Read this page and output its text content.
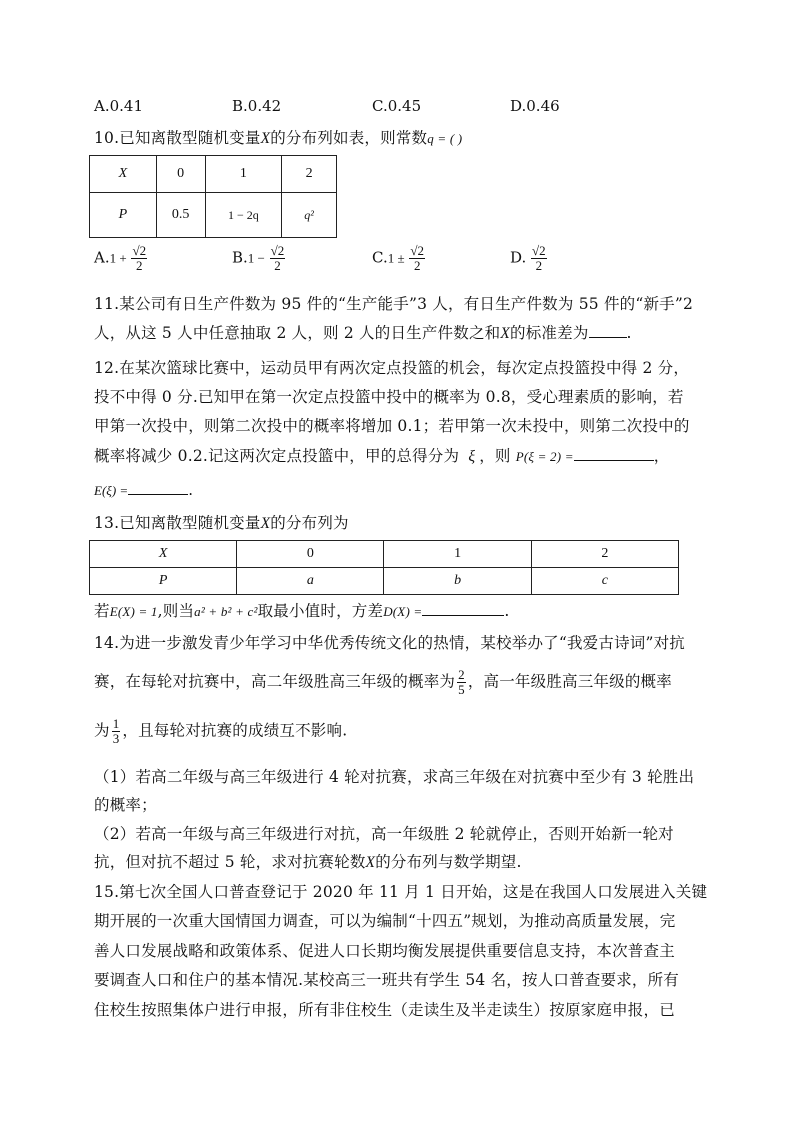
A.0.41	B.0.42	C.0.45	D.0.46
10.已知离散型随机变量X的分布列如表，则常数q = ( )
X	0	1	2
P	0.5	1 − 2q	q²
$A.1 + \frac{√2}{2}$	$B.1 - \frac{√2}{2}$	$C.1 \pm \frac{√2}{2}$	D. $\frac{√2}{2}$
11.某公司有日生产件数为 95 件的“生产能手”3 人，有日生产件数为 55 件的“新手”2
人，从这 5 人中任意抽取 2 人，则 2 人的日生产件数之和X的标准差为 .
12.在某次篮球比赛中，运动员甲有两次定点投篮的机会，每次定点投篮投中得 2 分，
投不中得 0 分.已知甲在第一次定点投篮中投中的概率为 0.8，受心理素质的影响，若
甲第一次投中，则第二次投中的概率将增加 0.1；若甲第一次未投中，则第二次投中的
概率将减少 0.2.记这两次定点投篮中，甲的总得分为 ξ ，则 P(ξ = 2) =	，
E(ξ) =	.
13.已知离散型随机变量X的分布列为
X	0	1	2
P	a	b	c
若E(X) = 1,则当a² + b² + c²取最小值时，方差D(X) =	.
14.为进一步激发青少年学习中华优秀传统文化的热情，某校举办了“我爱古诗词”对抗
赛，在每轮对抗赛中，高二年级胜高三年级的概率为 $\frac{2}{5}$ ，高一年级胜高三年级的概率
为 $\frac{1}{3}$ ，且每轮对抗赛的成绩互不影响.
（1）若高二年级与高三年级进行 4 轮对抗赛，求高三年级在对抗赛中至少有 3 轮胜出
的概率；
（2）若高一年级与高三年级进行对抗，高一年级胜 2 轮就停止，否则开始新一轮对
抗，但对抗不超过 5 轮，求对抗赛轮数X的分布列与数学期望.
15.第七次全国人口普查登记于 2020 年 11 月 1 日开始，这是在我国人口发展进入关键
期开展的一次重大国情国力调查，可以为编制“十四五”规划，为推动高质量发展，完
善人口发展战略和政策体系、促进人口长期均衡发展提供重要信息支持，本次普查主
要调查人口和住户的基本情况.某校高三一班共有学生 54 名，按人口普查要求，所有
住校生按照集体户进行申报，所有非住校生（走读生及半走读生）按原家庭申报，已
